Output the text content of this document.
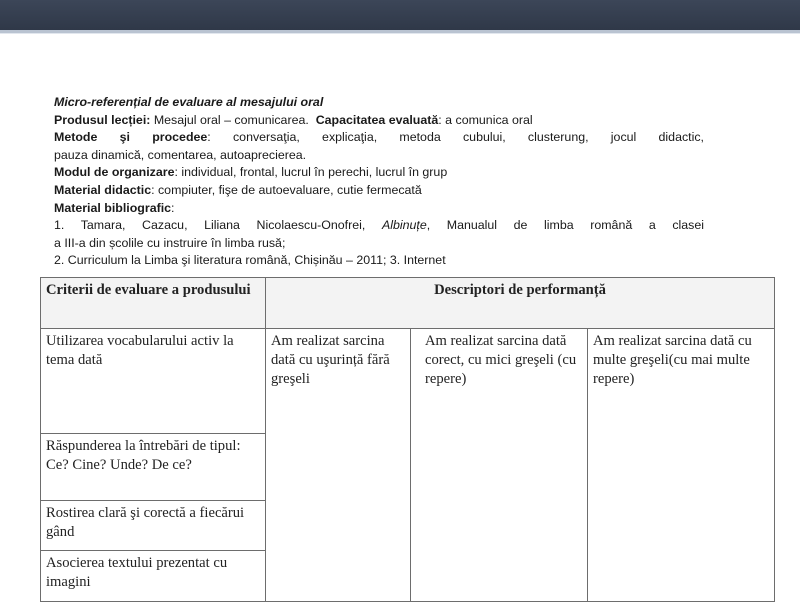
Micro-referențial de evaluare al mesajului oral

Produsul lecției: Mesajul oral – comunicarea. Capacitatea evaluată: a comunica oral

Metode şi procedee: conversaţia, explicaţia, metoda cubului, clusterung, jocul didactic,

pauza dinamică, comentarea, autoaprecierea.

Modul de organizare: individual, frontal, lucrul în perechi, lucrul în grup

Material didactic: compiuter, fişe de autoevaluare, cutie fermecată

Material bibliografic:

1. Tamara, Cazacu, Liliana Nicolaescu-Onofrei, Albinuțe, Manualul de limba română a clasei

a III-a din școlile cu instruire în limba rusă;

2. Curriculum la Limba şi literatura română, Chișinău – 2011; 3. Internet

Criterii de evaluare a produsului	Descriptori de performanță		
Utilizarea vocabularului activ la tema dată	Am realizat sarcina dată cu uşurință fără greşeli	Am realizat sarcina dată corect, cu mici greşeli (cu repere)	Am realizat sarcina dată cu multe greşeli(cu mai multe repere)
Răspunderea la întrebări de tipul: Ce? Cine? Unde? De ce?			
Rostirea clară şi corectă a fiecărui gând			
Asocierea textului prezentat cu imagini			
